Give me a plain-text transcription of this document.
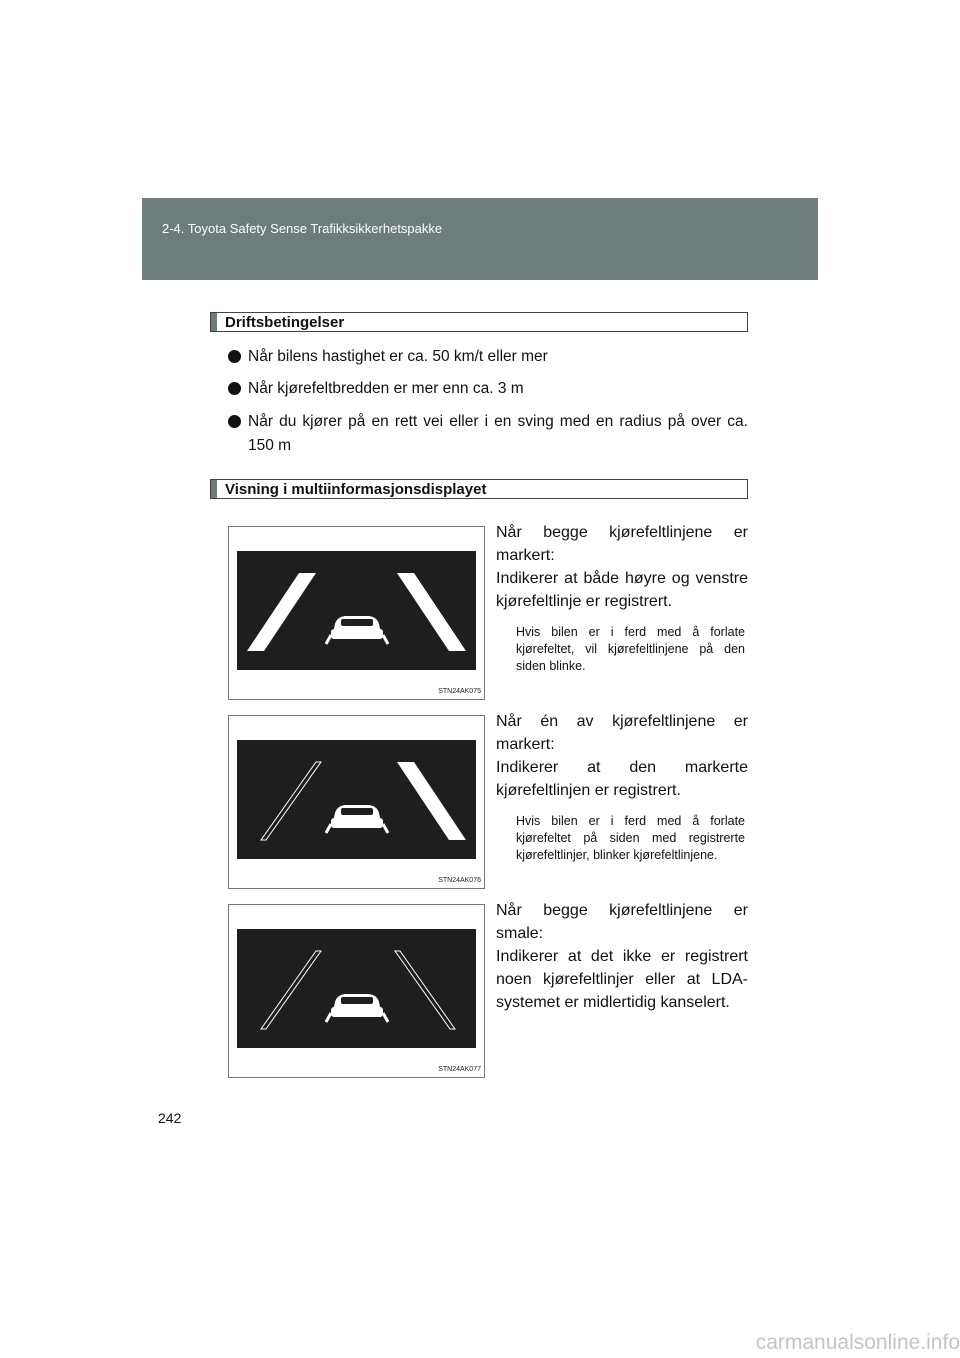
2-4. Toyota Safety Sense Trafikksikkerhetspakke
Driftsbetingelser
Når bilens hastighet er ca. 50 km/t eller mer
Når kjørefeltbredden er mer enn ca. 3 m
Når du kjører på en rett vei eller i en sving med en radius på over ca. 150 m
Visning i multiinformasjonsdisplayet
STN24AK075
Når begge kjørefeltlinjene er markert:
Indikerer at både høyre og venstre kjørefeltlinje er registrert.
Hvis bilen er i ferd med å forlate kjørefeltet, vil kjørefeltlinjene på den siden blinke.
STN24AK076
Når én av kjørefeltlinjene er markert:
Indikerer at den markerte kjørefeltlinjen er registrert.
Hvis bilen er i ferd med å forlate kjørefeltet på siden med registrerte kjørefeltlinjer, blinker kjørefeltlinjene.
STN24AK077
Når begge kjørefeltlinjene er smale:
Indikerer at det ikke er registrert noen kjørefeltlinjer eller at LDA-systemet er midlertidig kanselert.
242
carmanualsonline.info
